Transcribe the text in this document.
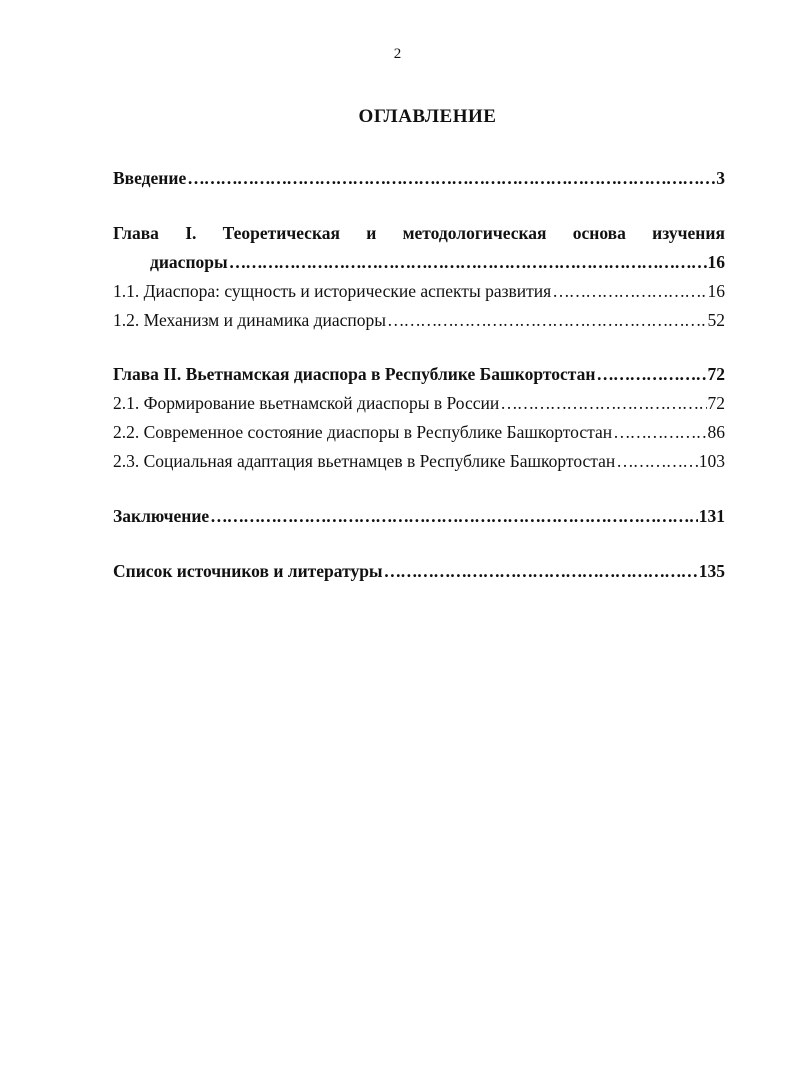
2
ОГЛАВЛЕНИЕ
Введение ………………………………………………………………………………………………………………………………	3
Глава I. Теоретическая и методологическая основа изучения
диаспоры ………………………………………………………………………………………………………………………………	16
1.1. Диаспора: сущность и исторические аспекты развития ………………………………………………………………………………………………………………………………	16
1.2. Механизм и динамика диаспоры ………………………………………………………………………………………………………………………………	52
Глава II. Вьетнамская диаспора в Республике Башкортостан ………………………………………………………………………………………………………………………………	72
2.1. Формирование вьетнамской диаспоры в России ………………………………………………………………………………………………………………………………	72
2.2. Современное состояние диаспоры в Республике Башкортостан ………………………………………………………………………………………………………………………………	86
2.3. Социальная адаптация вьетнамцев в Республике Башкортостан ………………………………………………………………………………………………………………………………	103
Заключение ………………………………………………………………………………………………………………………………	131
Список источников и литературы ………………………………………………………………………………………………………………………………	135
